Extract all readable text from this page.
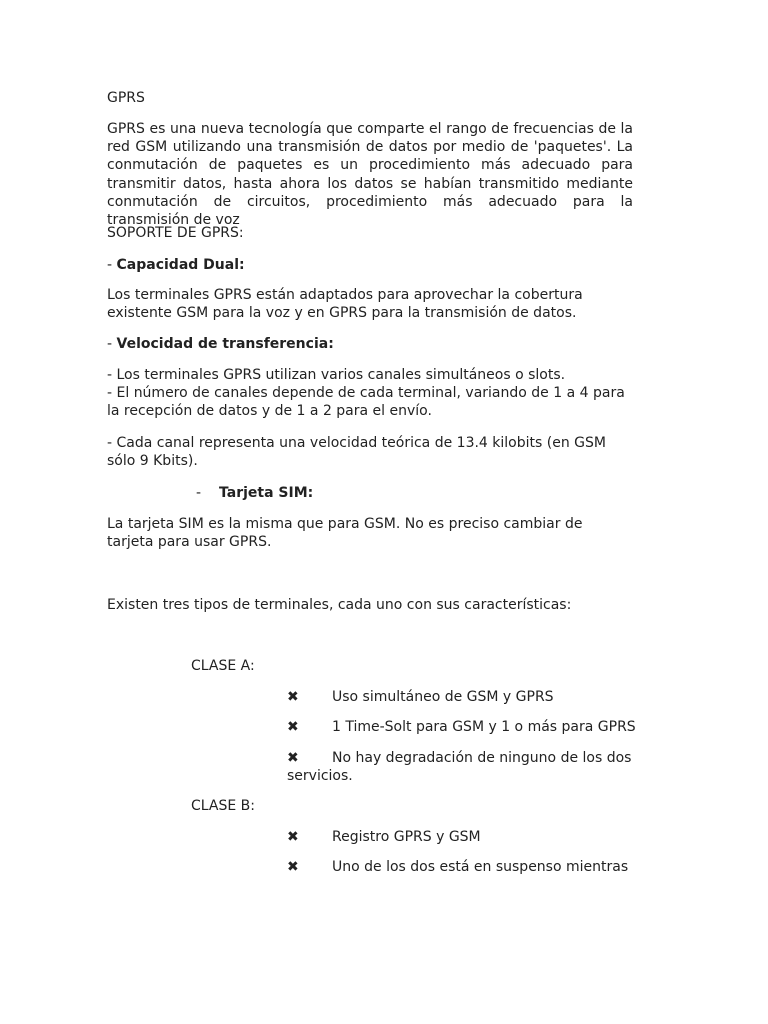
GPRS

GPRS es una nueva tecnología que comparte el rango de frecuencias de la red GSM utilizando una transmisión de datos por medio de 'paquetes'. La conmutación de paquetes es un procedimiento más adecuado para transmitir datos, hasta ahora los datos se habían transmitido mediante conmutación de circuitos, procedimiento más adecuado para la transmisión de voz

SOPORTE DE GPRS:

- Capacidad Dual:

Los terminales GPRS están adaptados para aprovechar la cobertura existente GSM para la voz y en GPRS para la transmisión de datos.

- Velocidad de transferencia:

- Los terminales GPRS utilizan varios canales simultáneos o slots.

- El número de canales depende de cada terminal, variando de 1 a 4 para la recepción de datos y de 1 a 2 para el envío.

- Cada canal representa una velocidad teórica de 13.4 kilobits (en GSM sólo 9 Kbits).

- Tarjeta SIM:

La tarjeta SIM es la misma que para GSM. No es preciso cambiar de tarjeta para usar GPRS.

Existen tres tipos de terminales, cada uno con sus características:

CLASE A:
✖ Uso simultáneo de GSM y GPRS
✖ 1 Time-Solt para GSM y 1 o más para GPRS
✖ No hay degradación de ninguno de los dos servicios.
CLASE B:
✖ Registro GPRS y GSM
✖ Uno de los dos está en suspenso mientras
